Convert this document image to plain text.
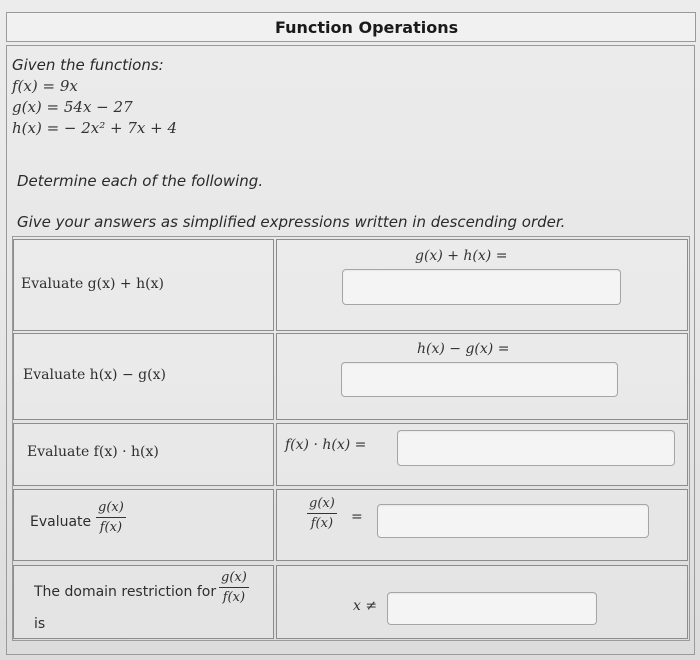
Function Operations
Given the functions:
f(x) = 9x
g(x) = 54x − 27
h(x) = − 2x² + 7x + 4
Determine each of the following.
Give your answers as simplified expressions written in descending order.
Evaluate g(x) + h(x)
g(x) + h(x) =
Evaluate h(x) − g(x)
h(x) − g(x) =
Evaluate f(x) · h(x)	f(x) · h(x) =
Evaluate $\frac{g(x)}{f(x)}$	$\frac{g(x)}{f(x)}$ =
The domain restriction for $\frac{g(x)}{f(x)}$
is
x ≠
